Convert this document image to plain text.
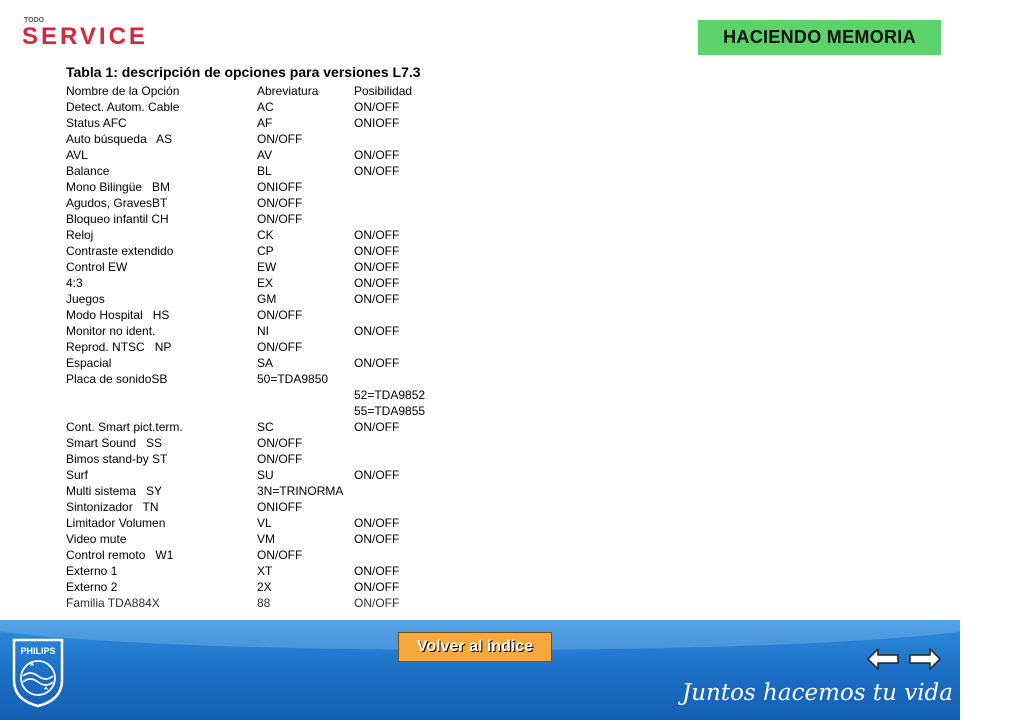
TODO
SERVICE	HACIENDO MEMORIA
Tabla 1: descripción de opciones para versiones L7.3
Nombre de la Opción	Abreviatura	Posibilidad
Detect. Autom. Cable	AC	ON/OFF
Status AFC	AF	ONIOFF
Auto búsqueda   AS	ON/OFF
AVL	AV	ON/OFF
Balance	BL	ON/OFF
Mono Bilingüe   BM	ONIOFF
Agudos, GravesBT	ON/OFF
Bloqueo infantil CH	ON/OFF
Reloj	CK	ON/OFF
Contraste extendido	CP	ON/OFF
Control EW	EW	ON/OFF
4:3	EX	ON/OFF
Juegos	GM	ON/OFF
Modo Hospital   HS	ON/OFF
Monitor no ident.	NI	ON/OFF
Reprod. NTSC   NP	ON/OFF
Espacial	SA	ON/OFF
Placa de sonidoSB	50=TDA9850
52=TDA9852
55=TDA9855
Cont. Smart pict.term.	SC	ON/OFF
Smart Sound   SS	ON/OFF
Bimos stand-by ST	ON/OFF
Surf	SU	ON/OFF
Multi sistema   SY	3N=TRINORMA
Sintonizador   TN	ONIOFF
Limitador Volumen	VL	ON/OFF
Video mute	VM	ON/OFF
Control remoto   W1	ON/OFF
Externo 1	XT	ON/OFF
Externo 2	2X	ON/OFF
Familia TDA884X	88	ON/OFF
PHILIPS	Volver al índice
Juntos hacemos tu vida mejor
